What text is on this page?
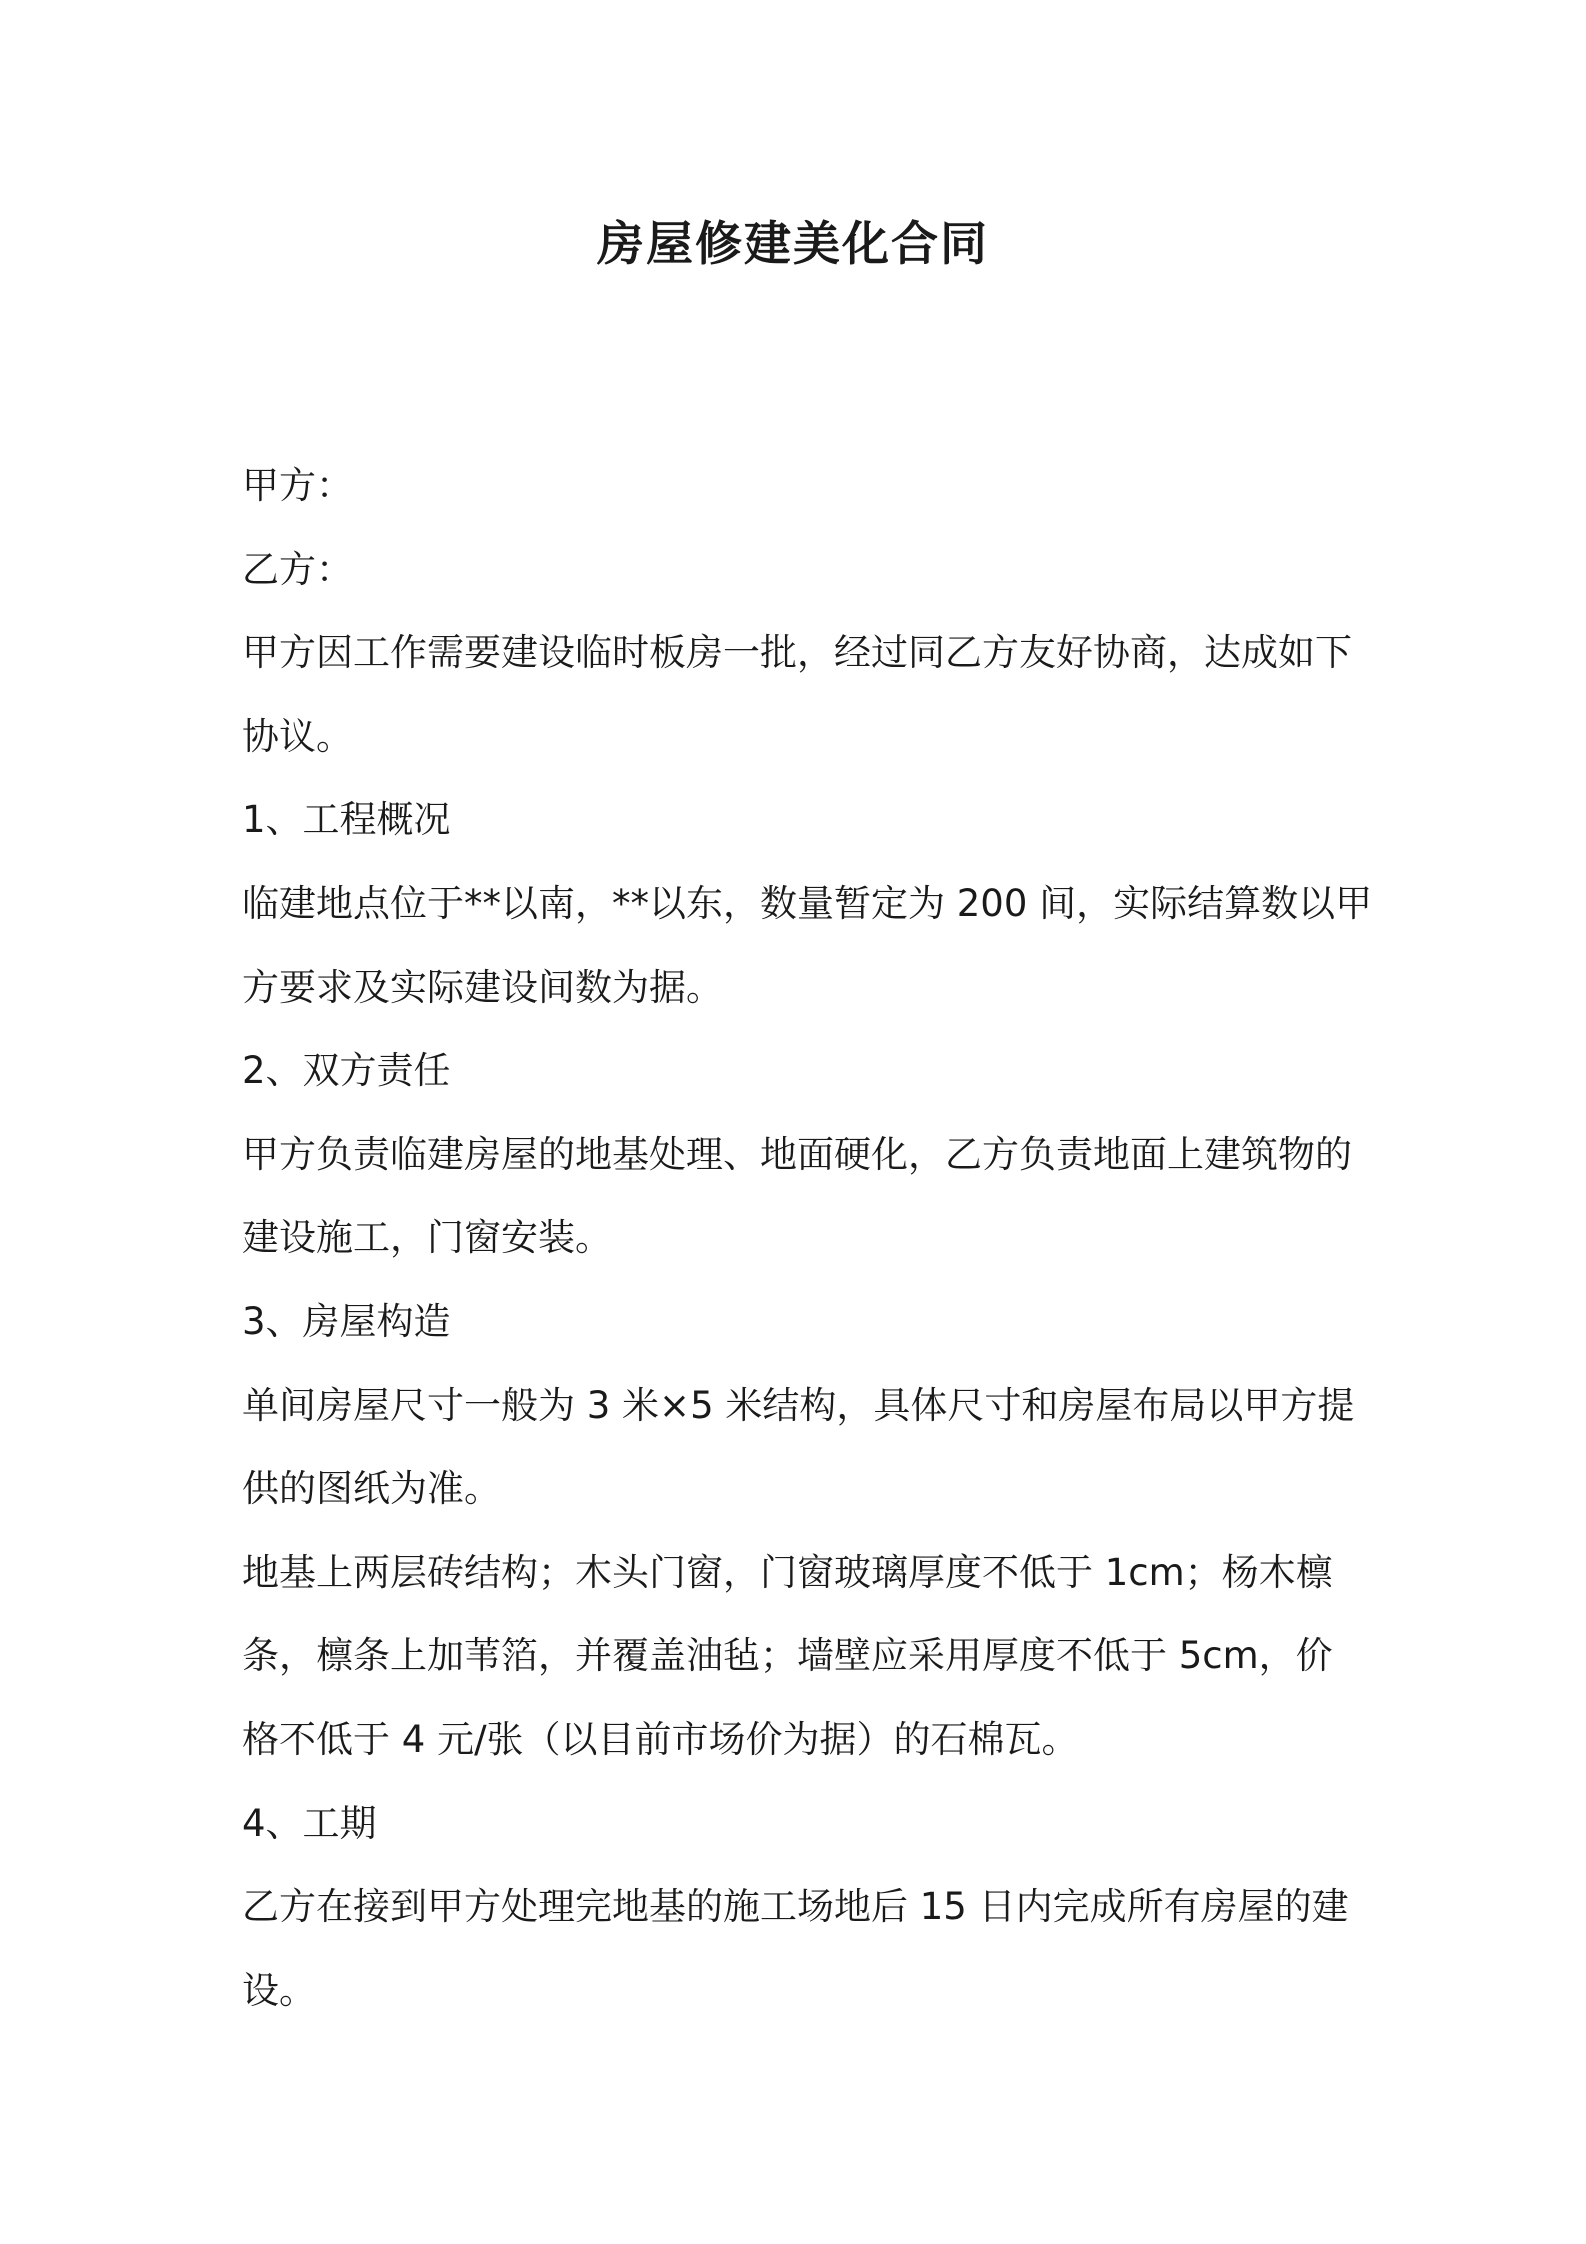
房屋修建美化合同

甲方：

乙方：

甲方因工作需要建设临时板房一批，经过同乙方友好协商，达成如下

协议。

1、工程概况

临建地点位于**以南，**以东，数量暂定为 200 间，实际结算数以甲

方要求及实际建设间数为据。

2、双方责任

甲方负责临建房屋的地基处理、地面硬化，乙方负责地面上建筑物的

建设施工，门窗安装。

3、房屋构造

单间房屋尺寸一般为 3 米×5 米结构，具体尺寸和房屋布局以甲方提

供的图纸为准。

地基上两层砖结构；木头门窗，门窗玻璃厚度不低于 1cm；杨木檩

条，檩条上加苇箔，并覆盖油毡；墙壁应采用厚度不低于 5cm，价

格不低于 4 元/张（以目前市场价为据）的石棉瓦。

4、工期

乙方在接到甲方处理完地基的施工场地后 15 日内完成所有房屋的建

设。
